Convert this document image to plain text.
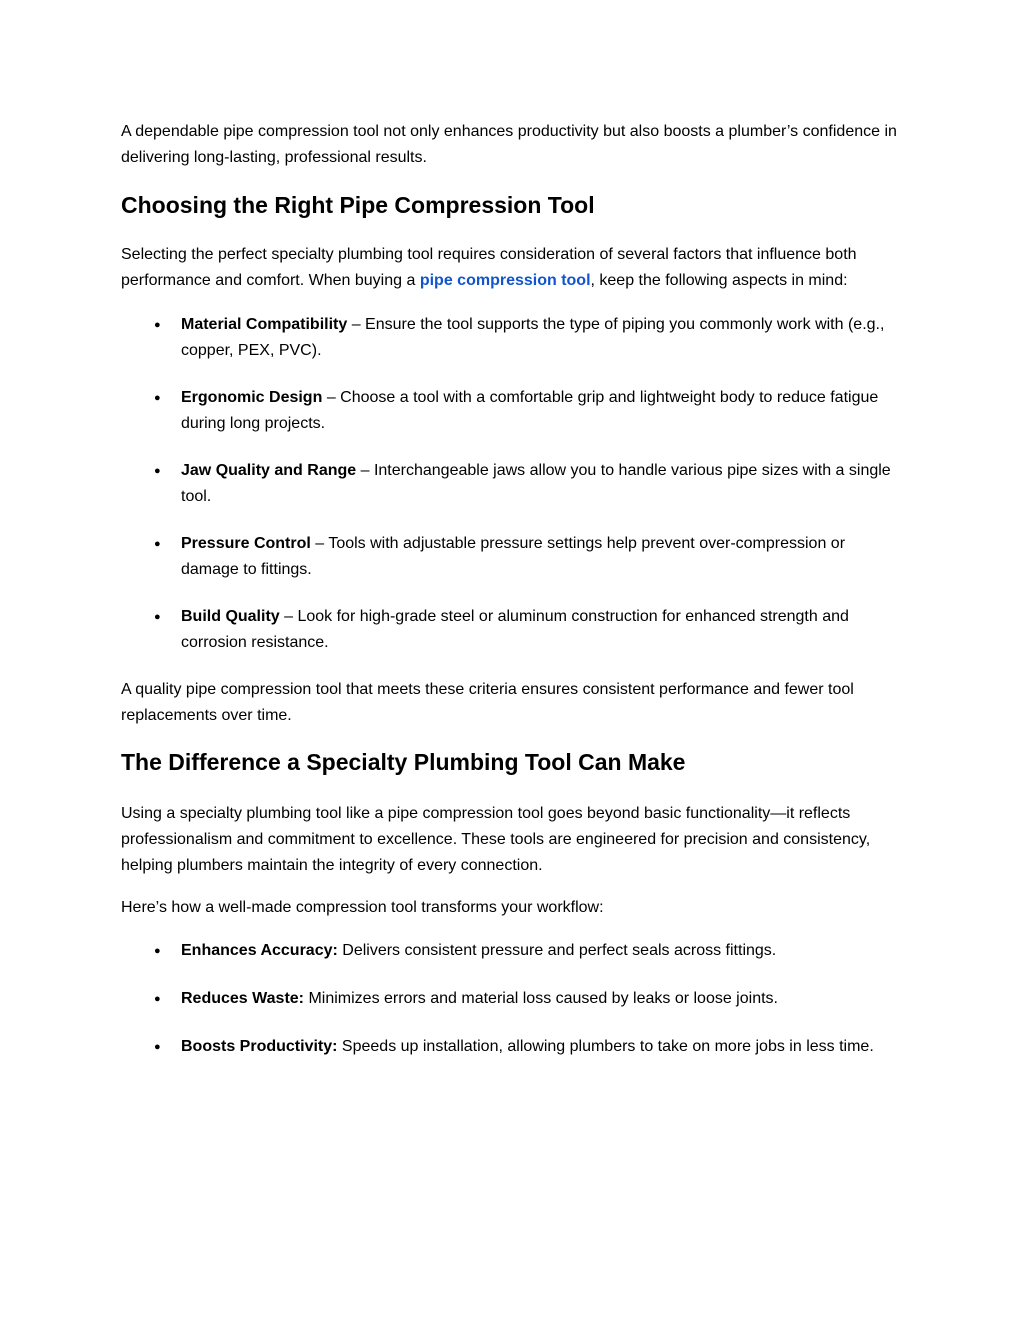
A dependable pipe compression tool not only enhances productivity but also boosts a plumber’s confidence in delivering long-lasting, professional results.

Choosing the Right Pipe Compression Tool

Selecting the perfect specialty plumbing tool requires consideration of several factors that influence both performance and comfort. When buying a pipe compression tool, keep the following aspects in mind:

● Material Compatibility – Ensure the tool supports the type of piping you commonly work with (e.g., copper, PEX, PVC).
● Ergonomic Design – Choose a tool with a comfortable grip and lightweight body to reduce fatigue during long projects.
● Jaw Quality and Range – Interchangeable jaws allow you to handle various pipe sizes with a single tool.
● Pressure Control – Tools with adjustable pressure settings help prevent over-compression or damage to fittings.
● Build Quality – Look for high-grade steel or aluminum construction for enhanced strength and corrosion resistance.

A quality pipe compression tool that meets these criteria ensures consistent performance and fewer tool replacements over time.

The Difference a Specialty Plumbing Tool Can Make

Using a specialty plumbing tool like a pipe compression tool goes beyond basic functionality—it reflects professionalism and commitment to excellence. These tools are engineered for precision and consistency, helping plumbers maintain the integrity of every connection.

Here’s how a well-made compression tool transforms your workflow:

● Enhances Accuracy: Delivers consistent pressure and perfect seals across fittings.
● Reduces Waste: Minimizes errors and material loss caused by leaks or loose joints.
● Boosts Productivity: Speeds up installation, allowing plumbers to take on more jobs in less time.
